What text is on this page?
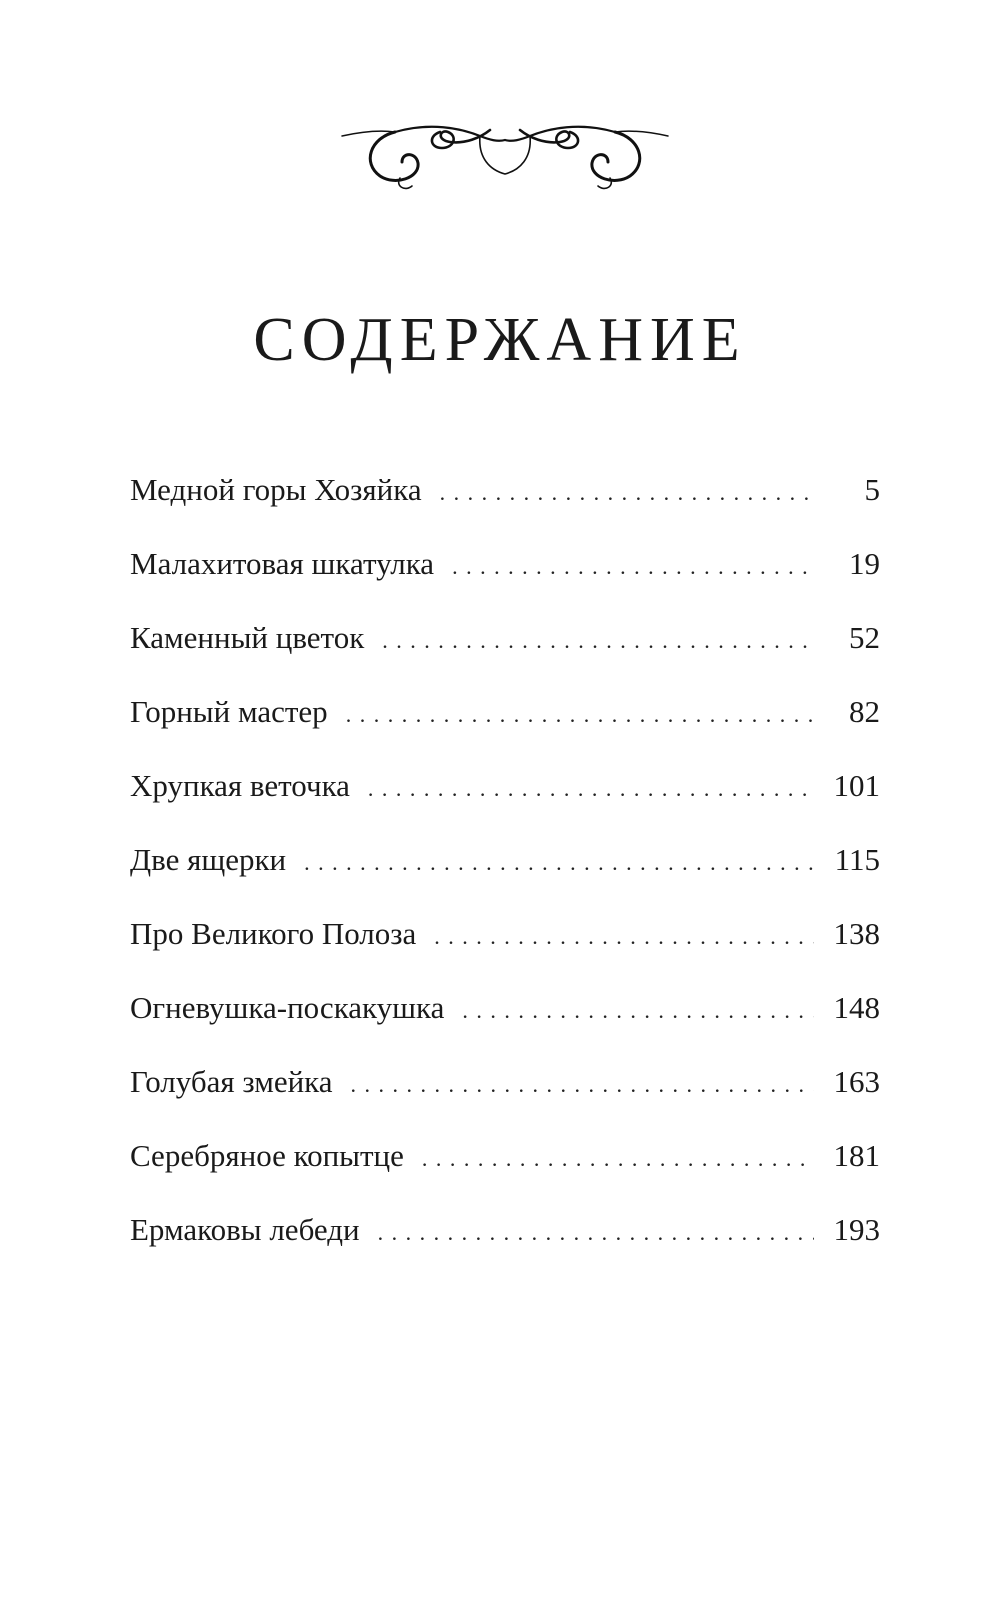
СОДЕРЖАНИЕ
Медной горы Хозяйка . . .	5
Малахитовая шкатулка . . .	19
Каменный цветок . . .	52
Горный мастер . . .	82
Хрупкая веточка . . .	101
Две ящерки . . .	115
Про Великого Полоза . . .	138
Огневушка-поскакушка . . .	148
Голубая змейка . . .	163
Серебряное копытце . . .	181
Ермаковы лебеди . . .	193
